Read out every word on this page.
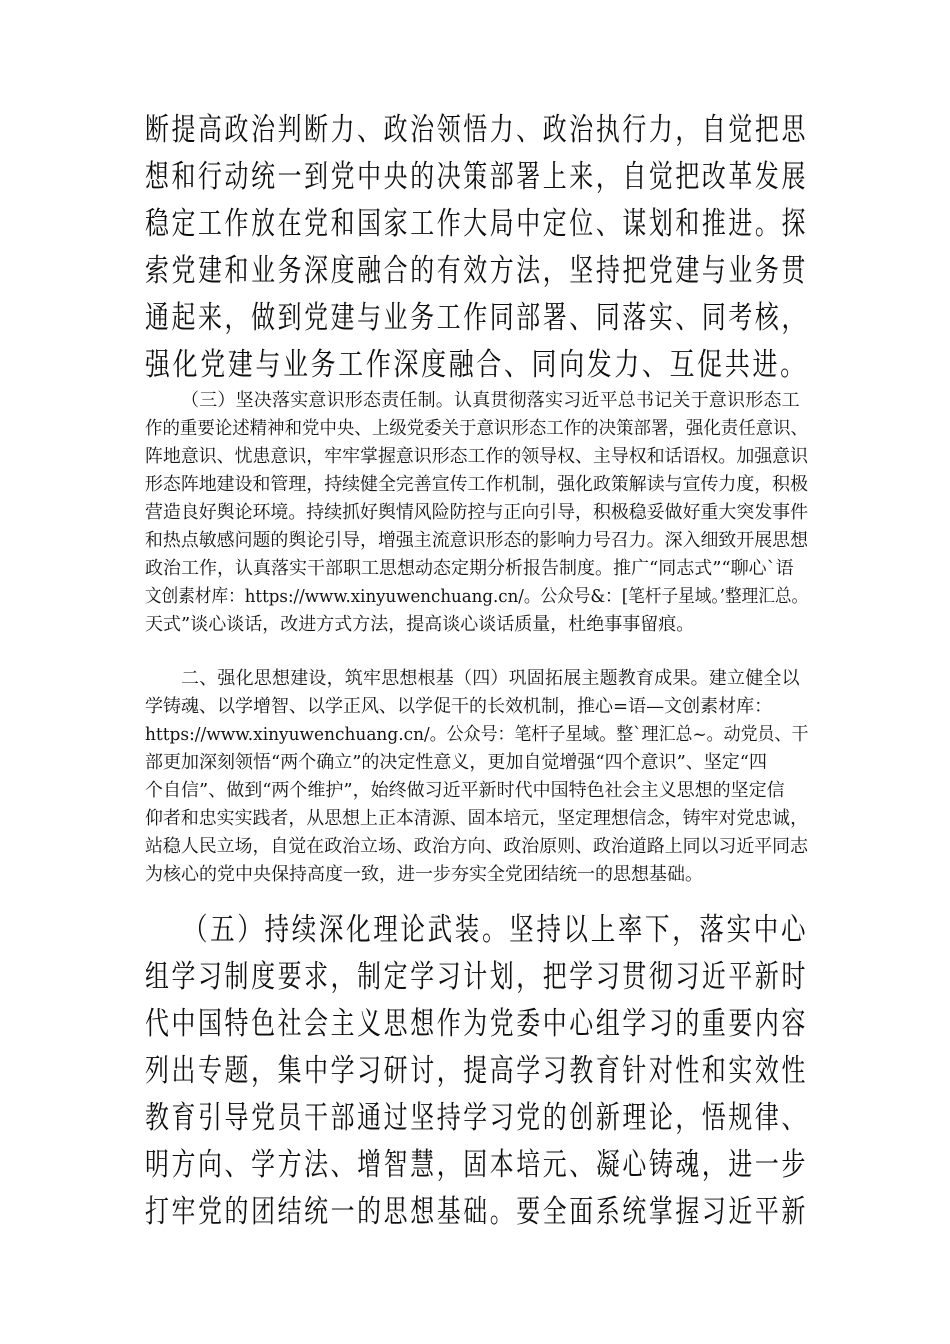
断提高政治判断力、政治领悟力、政治执行力，自觉把思
想和行动统一到党中央的决策部署上来，自觉把改革发展
稳定工作放在党和国家工作大局中定位、谋划和推进。探
索党建和业务深度融合的有效方法，坚持把党建与业务贯
通起来，做到党建与业务工作同部署、同落实、同考核，
强化党建与业务工作深度融合、同向发力、互促共进。
（三）坚决落实意识形态责任制。认真贯彻落实习近平总书记关于意识形态工
作的重要论述精神和党中央、上级党委关于意识形态工作的决策部署，强化责任意识、
阵地意识、忧患意识，牢牢掌握意识形态工作的领导权、主导权和话语权。加强意识
形态阵地建设和管理，持续健全完善宣传工作机制，强化政策解读与宣传力度，积极
营造良好舆论环境。持续抓好舆情风险防控与正向引导，积极稳妥做好重大突发事件
和热点敏感问题的舆论引导，增强主流意识形态的影响力号召力。深入细致开展思想
政治工作，认真落实干部职工思想动态定期分析报告制度。推广“同志式”“聊心`语
文创素材库：https://www.xinyuwenchuang.cn/。公众号&：[笔杆子星域。’整理汇总。
天式”谈心谈话，改进方式方法，提高谈心谈话质量，杜绝事事留痕。
二、强化思想建设，筑牢思想根基（四）巩固拓展主题教育成果。建立健全以
学铸魂、以学增智、以学正风、以学促干的长效机制，推心=语—文创素材库：
https://www.xinyuwenchuang.cn/。公众号：笔杆子星域。整`理汇总~。动党员、干
部更加深刻领悟“两个确立”的决定性意义，更加自觉增强“四个意识”、坚定“四
个自信”、做到“两个维护”，始终做习近平新时代中国特色社会主义思想的坚定信
仰者和忠实实践者，从思想上正本清源、固本培元，坚定理想信念，铸牢对党忠诚，
站稳人民立场，自觉在政治立场、政治方向、政治原则、政治道路上同以习近平同志
为核心的党中央保持高度一致，进一步夯实全党团结统一的思想基础。
（五）持续深化理论武装。坚持以上率下，落实中心
组学习制度要求，制定学习计划，把学习贯彻习近平新时
代中国特色社会主义思想作为党委中心组学习的重要内容
列出专题，集中学习研讨，提高学习教育针对性和实效性
教育引导党员干部通过坚持学习党的创新理论，悟规律、
明方向、学方法、增智慧，固本培元、凝心铸魂，进一步
打牢党的团结统一的思想基础。要全面系统掌握习近平新
